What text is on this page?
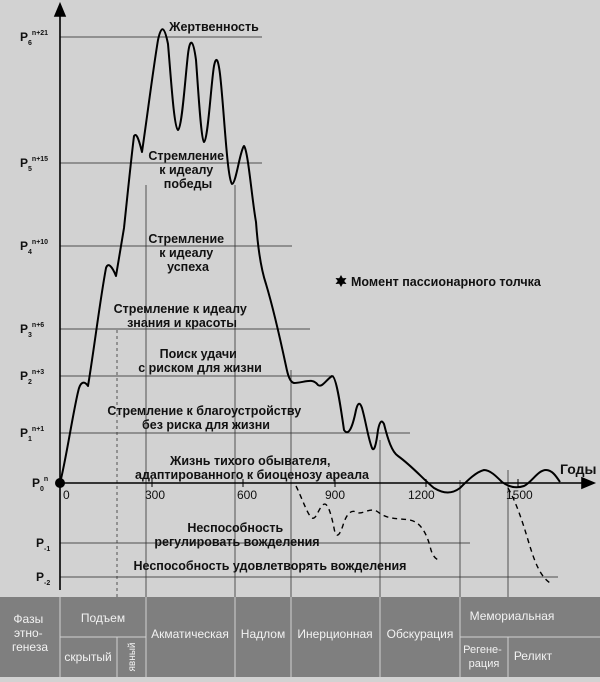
0	300	600	900	1200	1500
Годы
$P_6^{n+21}$
$P_5^{n+15}$
$P_4^{n+10}$
$P_3^{n+6}$
$P_2^{n+3}$
$P_1^{n+1}$
$P_0^n$
$P_{-1}$
$P_{-2}$
Жертвенность
Стремление к идеалу победы
Стремление к идеалу успеха
Стремление к идеалу знания и красоты
Поиск удачи с риском для жизни
Стремление к благоустройству без риска для жизни
Жизнь тихого обывателя, адаптированного к биоценозу ареала
Неспособность регулировать вожделения
Неспособность удовлетворять вожделения
Момент пассионарного толчка
Фазы этно- генеза
Подъем
скрытый явный
Акматическая Надлом Инерционная Обскурация
Мемориальная
Регене- рация
Реликт
